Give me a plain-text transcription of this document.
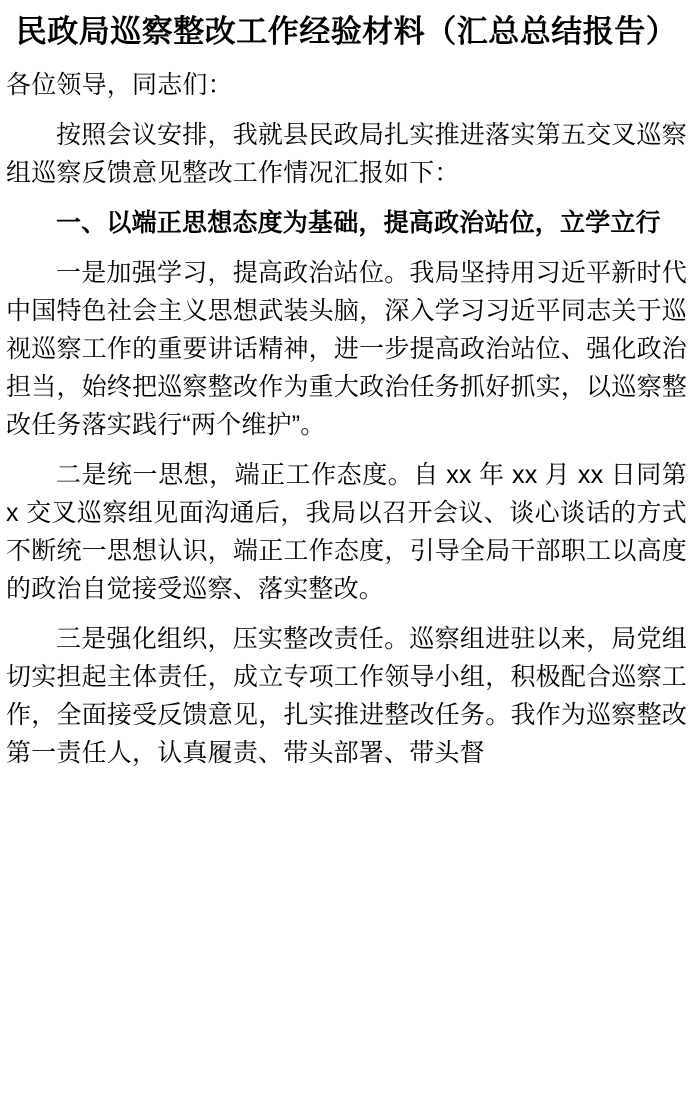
民政局巡察整改工作经验材料（汇总总结报告）

各位领导，同志们：

按照会议安排，我就县民政局扎实推进落实第五交叉巡察组巡察反馈意见整改工作情况汇报如下：

一、以端正思想态度为基础，提高政治站位，立学立行

一是加强学习，提高政治站位。我局坚持用习近平新时代中国特色社会主义思想武装头脑，深入学习习近平同志关于巡视巡察工作的重要讲话精神，进一步提高政治站位、强化政治担当，始终把巡察整改作为重大政治任务抓好抓实，以巡察整改任务落实践行“两个维护”。

二是统一思想，端正工作态度。自 xx 年 xx 月 xx 日同第 x 交叉巡察组见面沟通后，我局以召开会议、谈心谈话的方式不断统一思想认识，端正工作态度，引导全局干部职工以高度的政治自觉接受巡察、落实整改。

三是强化组织，压实整改责任。巡察组进驻以来，局党组切实担起主体责任，成立专项工作领导小组，积极配合巡察工作，全面接受反馈意见，扎实推进整改任务。我作为巡察整改第一责任人，认真履责、带头部署、带头督
